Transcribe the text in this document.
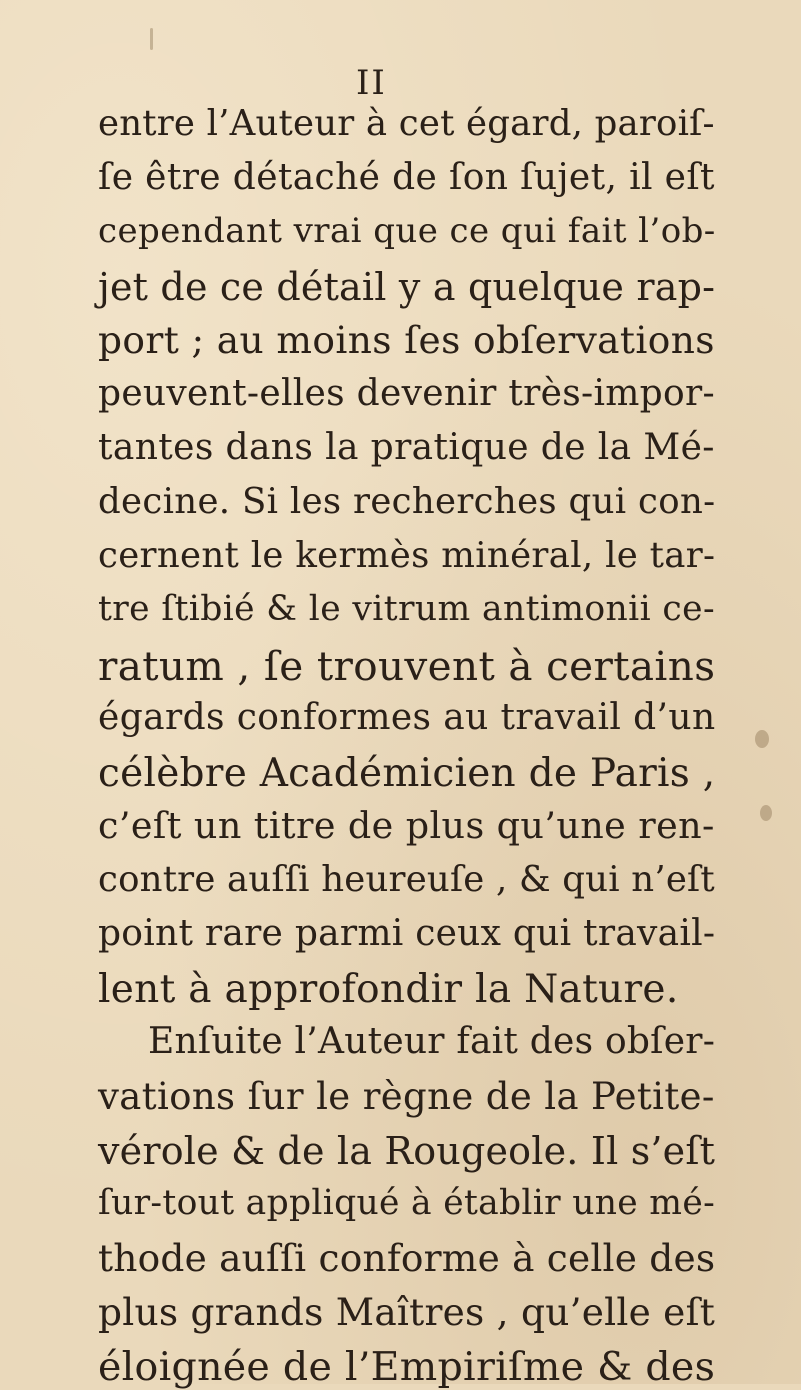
II
entre l’Auteur à cet égard, paroiſ-
ſe être détaché de ſon ſujet, il eſt
cependant vrai que ce qui fait l’ob-
jet de ce détail y a quelque rap-
port ; au moins ſes obſervations
peuvent-elles devenir très-impor-
tantes dans la pratique de la Mé-
decine. Si les recherches qui con-
cernent le kermès minéral, le tar-
tre ſtibié & le vitrum antimonii ce-
ratum , ſe trouvent à certains
égards conformes au travail d’un
célèbre Académicien de Paris ,
c’eſt un titre de plus qu’une ren-
contre auſſi heureuſe , & qui n’eſt
point rare parmi ceux qui travail-
lent à approfondir la Nature.
Enſuite l’Auteur fait des obſer-
vations ſur le règne de la Petite-
vérole & de la Rougeole. Il s’eſt
ſur-tout appliqué à établir une mé-
thode auſſi conforme à celle des
plus grands Maîtres , qu’elle eſt
éloignée de l’Empiriſme & des
